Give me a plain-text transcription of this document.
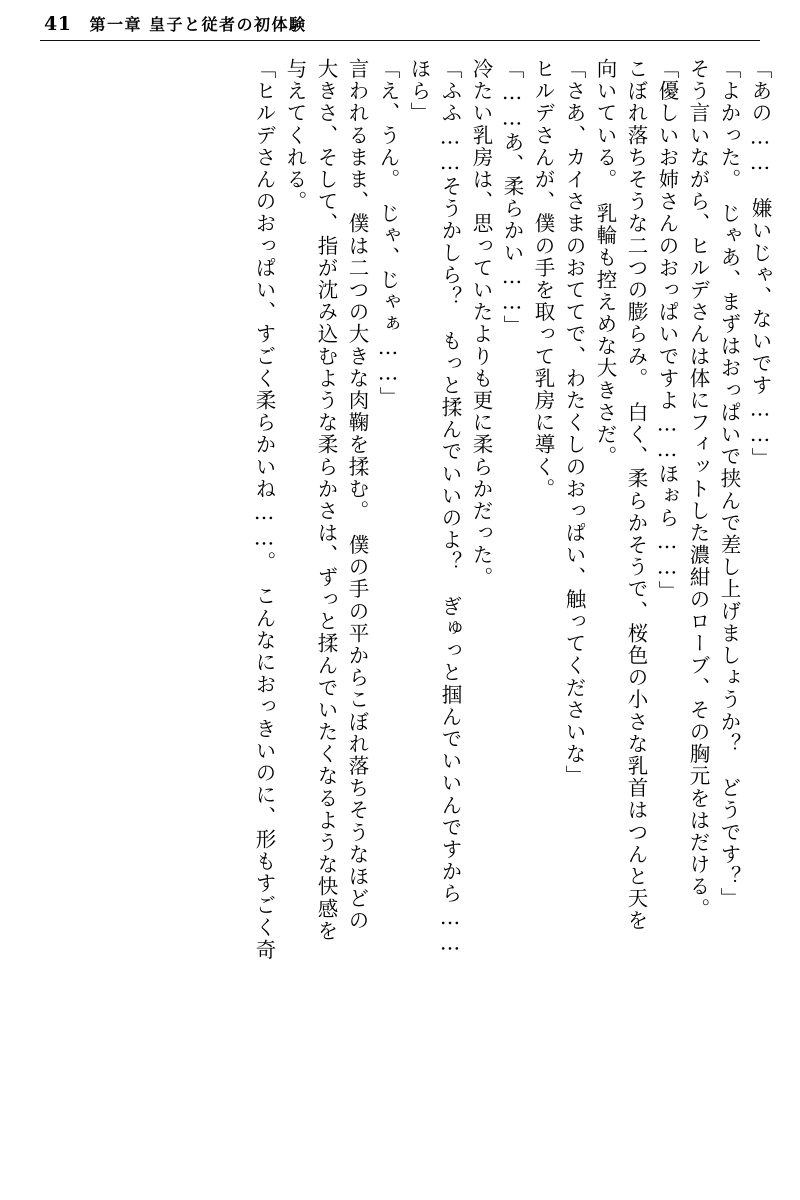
41 第一章 皇子と従者の初体験
「あの……　嫌いじゃ、ないです……」
「よかった。　じゃあ、まずはおっぱいで挟んで差し上げましょうか？　どうです？」
そう言いながら、ヒルデさんは体にフィットした濃紺のローブ、その胸元をはだける。
「優しいお姉さんのおっぱいですよ……ほぉら……」
こぼれ落ちそうな二つの膨らみ。　白く、柔らかそうで、桜色の小さな乳首はつんと天を
向いている。　乳輪も控えめな大きさだ。
「さあ、カイさまのおててで、わたくしのおっぱい、触ってくださいな」
ヒルデさんが、僕の手を取って乳房に導く。
「……あ、柔らかい……」
冷たい乳房は、思っていたよりも更に柔らかだった。
「ふふ……そうかしら？　もっと揉んでいいのよ？　ぎゅっと掴んでいいんですから……
ほら」
「え、うん。　じゃ、じゃぁ……」
言われるまま、僕は二つの大きな肉鞠を揉む。　僕の手の平からこぼれ落ちそうなほどの
大きさ、そして、指が沈み込むような柔らかさは、ずっと揉んでいたくなるような快感を
与えてくれる。
「ヒルデさんのおっぱい、すごく柔らかいね……。　こんなにおっきいのに、形もすごく奇
